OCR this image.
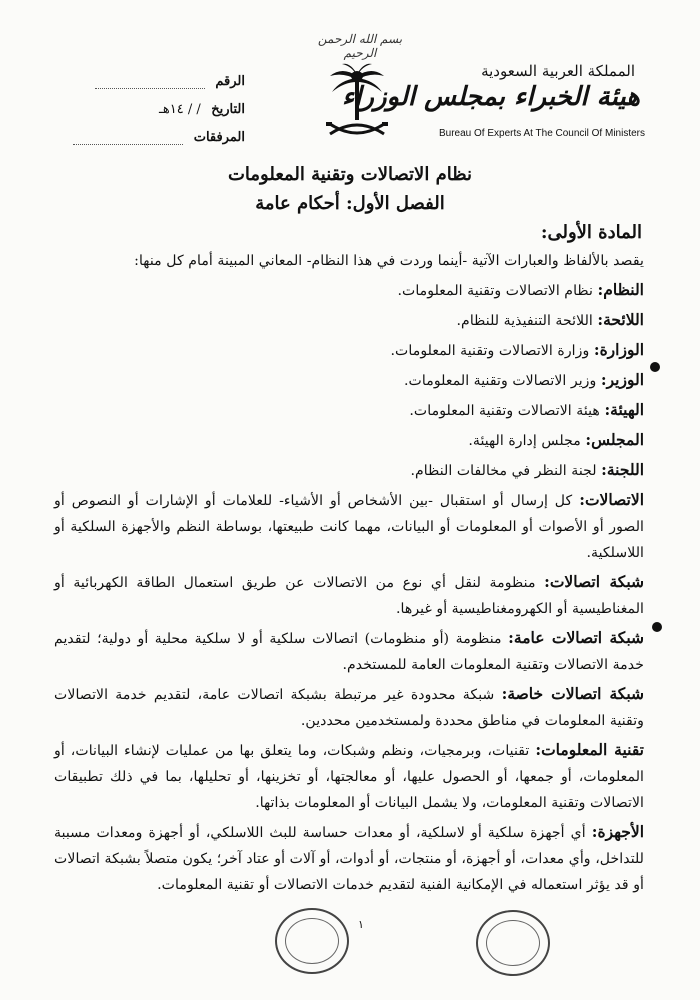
بسم الله الرحمن الرحيم
المملكة العربية السعودية
هيئة الخبراء بمجلس الوزراء
Bureau Of Experts At The Council Of Ministers
الرقم
التاريخ / / ١٤هـ
المرفقات
نظام الاتصالات وتقنية المعلومات
الفصل الأول: أحكام عامة
المادة الأولى:

يقصد بالألفاظ والعبارات الآتية -أينما وردت في هذا النظام- المعاني المبينة أمام كل منها:

النظام: نظام الاتصالات وتقنية المعلومات.

اللائحة: اللائحة التنفيذية للنظام.

الوزارة: وزارة الاتصالات وتقنية المعلومات.

الوزير: وزير الاتصالات وتقنية المعلومات.

الهيئة: هيئة الاتصالات وتقنية المعلومات.

المجلس: مجلس إدارة الهيئة.

اللجنة: لجنة النظر في مخالفات النظام.

الاتصالات: كل إرسال أو استقبال -بين الأشخاص أو الأشياء- للعلامات أو الإشارات أو النصوص أو الصور أو الأصوات أو المعلومات أو البيانات، مهما كانت طبيعتها، بوساطة النظم والأجهزة السلكية أو اللاسلكية.

شبكة اتصالات: منظومة لنقل أي نوع من الاتصالات عن طريق استعمال الطاقة الكهربائية أو المغناطيسية أو الكهرومغناطيسية أو غيرها.

شبكة اتصالات عامة: منظومة (أو منظومات) اتصالات سلكية أو لا سلكية محلية أو دولية؛ لتقديم خدمة الاتصالات وتقنية المعلومات العامة للمستخدم.

شبكة اتصالات خاصة: شبكة محدودة غير مرتبطة بشبكة اتصالات عامة، لتقديم خدمة الاتصالات وتقنية المعلومات في مناطق محددة ولمستخدمين محددين.

تقنية المعلومات: تقنيات، وبرمجيات، ونظم وشبكات، وما يتعلق بها من عمليات لإنشاء البيانات، أو المعلومات، أو جمعها، أو الحصول عليها، أو معالجتها، أو تخزينها، أو تحليلها، بما في ذلك تطبيقات الاتصالات وتقنية المعلومات، ولا يشمل البيانات أو المعلومات بذاتها.

الأجهزة: أي أجهزة سلكية أو لاسلكية، أو معدات حساسة للبث اللاسلكي، أو أجهزة ومعدات مسببة للتداخل، وأي معدات، أو أجهزة، أو منتجات، أو أدوات، أو آلات أو عتاد آخر؛ يكون متصلاً بشبكة اتصالات أو قد يؤثر استعماله في الإمكانية الفنية لتقديم خدمات الاتصالات أو تقنية المعلومات.

١
